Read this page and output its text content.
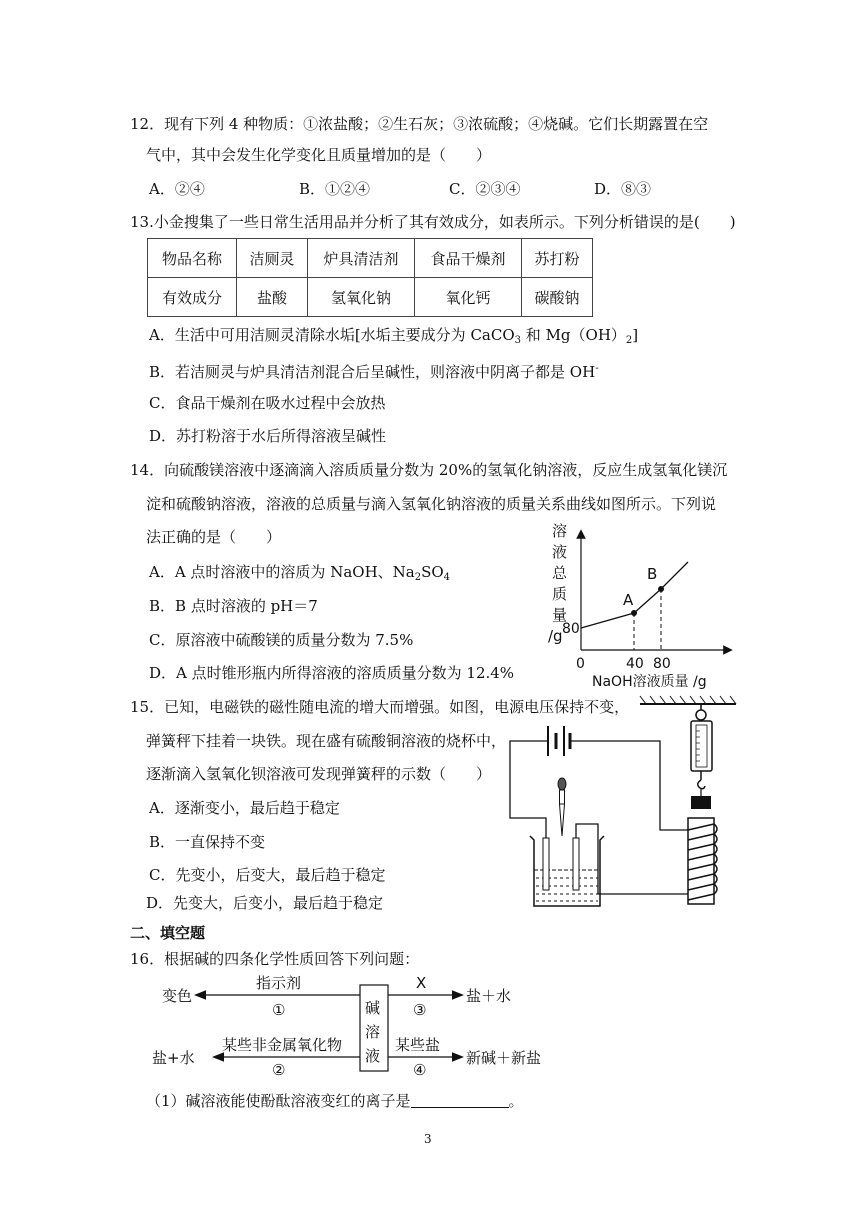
12．现有下列 4 种物质：①浓盐酸；②生石灰；③浓硫酸；④烧碱。它们长期露置在空
气中，其中会发生化学变化且质量增加的是（　　）
A．②④	B．①②④	C．②③④	D．⑧③
13.小金搜集了一些日常生活用品并分析了其有效成分，如表所示。下列分析错误的是(　　)
物品名称	洁厕灵	炉具清洁剂	食品干燥剂	苏打粉
有效成分	盐酸	氢氧化钠	氧化钙	碳酸钠
A．生活中可用洁厕灵清除水垢[水垢主要成分为 CaCO$_3$ 和 $Mg(OH)_2$]
B．若洁厕灵与炉具清洁剂混合后呈碱性，则溶液中阴离子都是 OH-
C．食品干燥剂在吸水过程中会放热
D．苏打粉溶于水后所得溶液呈碱性
14．向硫酸镁溶液中逐滴滴入溶质质量分数为 20%的氢氧化钠溶液，反应生成氢氧化镁沉
淀和硫酸钠溶液，溶液的总质量与滴入氢氧化钠溶液的质量关系曲线如图所示。下列说
法正确的是（　　）
A．A 点时溶液中的溶质为 NaOH、$Na_2SO_4$
B．B 点时溶液的 pH＝7
C．原溶液中硫酸镁的质量分数为 7.5%
D．A 点时锥形瓶内所得溶液的溶质质量分数为 12.4%
溶
液
总
质
量
/g 80
0	40 80
NaOH溶液质量 /g
A
B
15．已知，电磁铁的磁性随电流的增大而增强。如图，电源电压保持不变，
弹簧秤下挂着一块铁。现在盛有硫酸铜溶液的烧杯中，
逐渐滴入氢氧化钡溶液可发现弹簧秤的示数（　　）
A．逐渐变小，最后趋于稳定
B．一直保持不变
C．先变小，后变大，最后趋于稳定
D．先变大，后变小，最后趋于稳定
二、填空题
16．根据碱的四条化学性质回答下列问题：
碱
溶
液
变色
指示剂
①
X
③
盐＋水
盐+水
某些非金属氧化物
②
某些盐
④
新碱＋新盐
（1）碱溶液能使酚酞溶液变红的离子是	。
3
